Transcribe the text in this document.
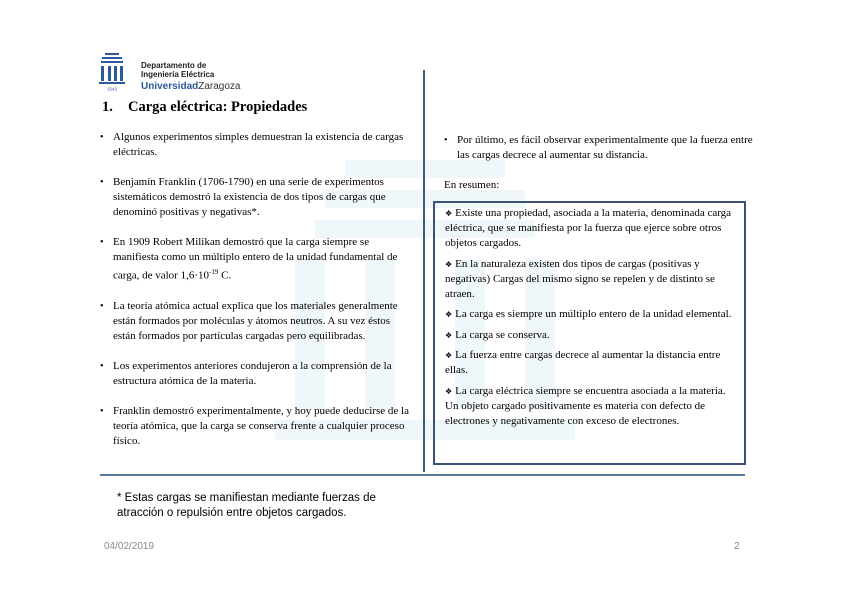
1542
Departamento de
Ingeniería Eléctrica
UniversidadZaragoza
1. Carga eléctrica: Propiedades
• Algunos experimentos simples demuestran la existencia de cargas eléctricas.
• Benjamín Franklin (1706-1790) en una serie de experimentos sistemáticos demostró la existencia de dos tipos de cargas que denominó positivas y negativas*.
• En 1909 Robert Milikan demostró que la carga siempre se manifiesta como un múltiplo entero de la unidad fundamental de carga, de valor $1,6\cdot 10^{-19}$ C.
• La teoría atómica actual explica que los materiales generalmente están formados por moléculas y átomos neutros. A su vez éstos están formados por partículas cargadas pero equilibradas.
• Los experimentos anteriores condujeron a la comprensión de la estructura atómica de la materia.
• Franklin demostró experimentalmente, y hoy puede deducirse de la teoría atómica, que la carga se conserva frente a cualquier proceso físico.
• Por último, es fácil observar experimentalmente que la fuerza entre las cargas decrece al aumentar su distancia.
En resumen:

❖ Existe una propiedad, asociada a la materia, denominada carga eléctrica, que se manifiesta por la fuerza que ejerce sobre otros objetos cargados.

❖ En la naturaleza existen dos tipos de cargas (positivas y negativas) Cargas del mismo signo se repelen y de distinto se atraen.

❖ La carga es siempre un múltiplo entero de la unidad elemental.

❖ La carga se conserva.

❖ La fuerza entre cargas decrece al aumentar la distancia entre ellas.

❖ La carga eléctrica siempre se encuentra asociada a la materia. Un objeto cargado positivamente es materia con defecto de electrones y negativamente con exceso de electrones.

* Estas cargas se manifiestan mediante fuerzas de atracción o repulsión entre objetos cargados.
04/02/2019	2
